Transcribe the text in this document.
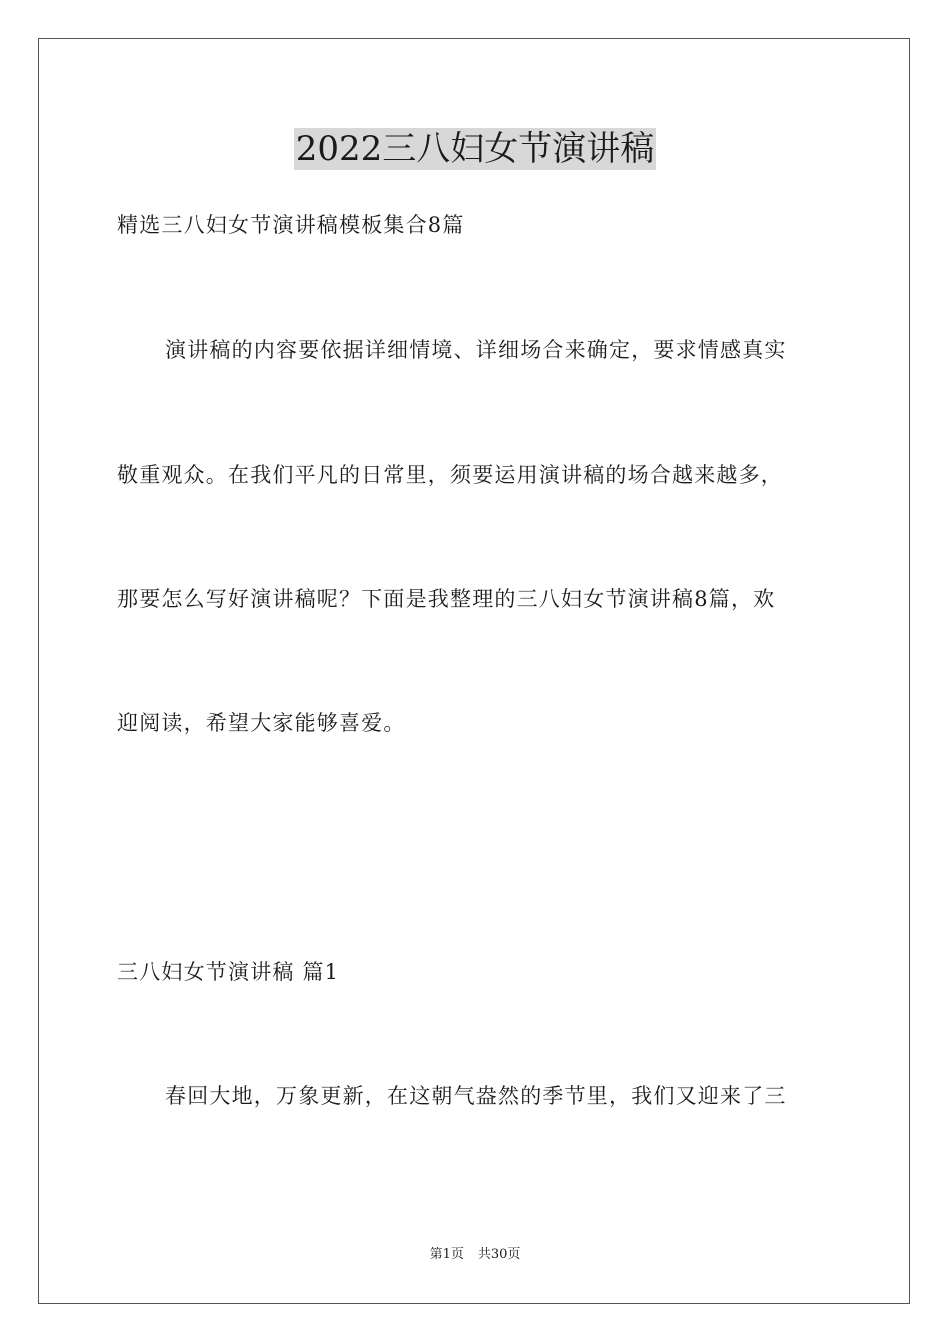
2022三八妇女节演讲稿
精选三八妇女节演讲稿模板集合8篇
演讲稿的内容要依据详细情境、详细场合来确定，要求情感真实
敬重观众。在我们平凡的日常里，须要运用演讲稿的场合越来越多，
那要怎么写好演讲稿呢？下面是我整理的三八妇女节演讲稿8篇，欢
迎阅读，希望大家能够喜爱。
三八妇女节演讲稿 篇1
春回大地，万象更新，在这朝气盎然的季节里，我们又迎来了三
第1页 共30页
